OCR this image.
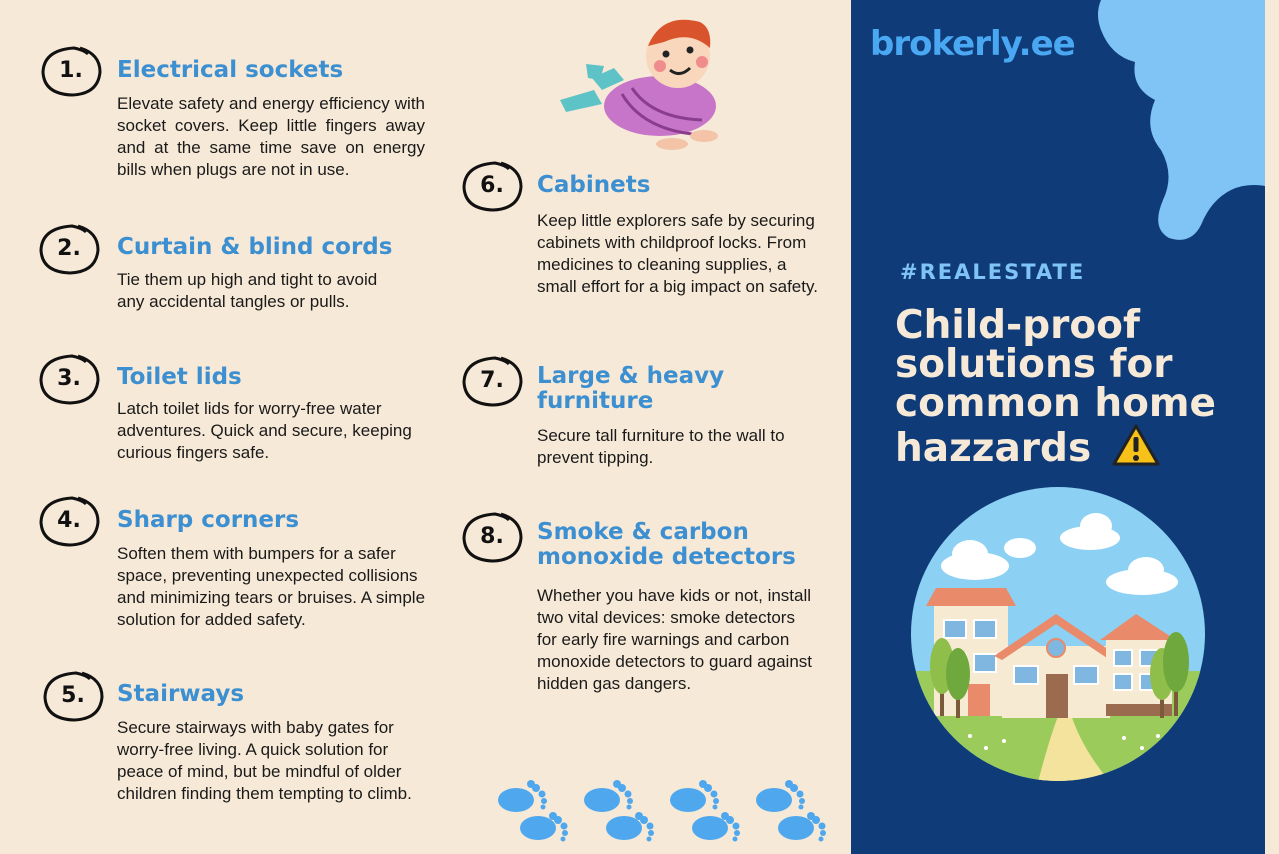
1.	Electrical sockets
Elevate safety and energy efficiency with socket covers. Keep little fingers away and at the same time save on energy bills when plugs are not in use.
2.	Curtain & blind cords
Tie them up high and tight to avoid any accidental tangles or pulls.
3.	Toilet lids
Latch toilet lids for worry-free water adventures. Quick and secure, keeping curious fingers safe.
4.	Sharp corners
Soften them with bumpers for a safer space, preventing unexpected collisions and minimizing tears or bruises. A simple solution for added safety.
5.	Stairways
Secure stairways with baby gates for worry-free living. A quick solution for peace of mind, but be mindful of older children finding them tempting to climb.
6.	Cabinets
Keep little explorers safe by securing cabinets with childproof locks. From medicines to cleaning supplies, a small effort for a big impact on safety.
7.	Large & heavy furniture
Secure tall furniture to the wall to prevent tipping.
8.	Smoke & carbon monoxide detectors
Whether you have kids or not, install two vital devices: smoke detectors for early fire warnings and carbon monoxide detectors to guard against hidden gas dangers.
brokerly.ee
#REALESTATE
Child-proof solutions for common home hazzards
